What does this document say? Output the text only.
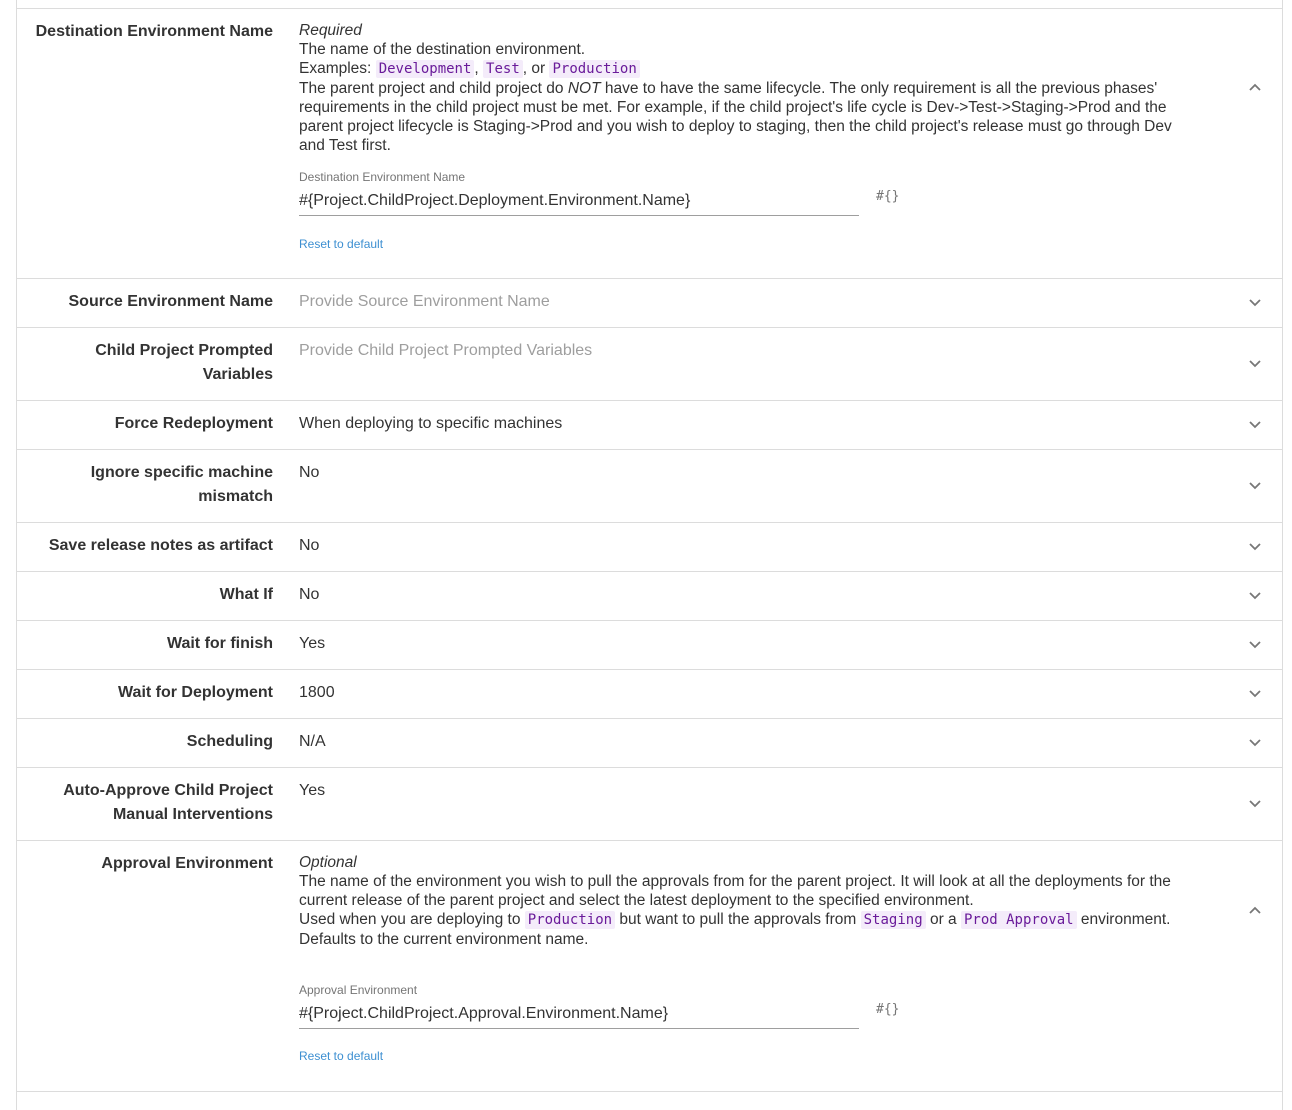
Destination Environment Name Required
The name of the destination environment.
Examples: Development , Test , or Production
The parent project and child project do NOT have to have the same lifecycle. The only requirement is all the previous phases' requirements in the child project must be met. For example, if the child project's life cycle is Dev->Test->Staging->Prod and the parent project lifecycle is Staging->Prod and you wish to deploy to staging, then the child project's release must go through Dev and Test first.
Destination Environment Name
#{Project.ChildProject.Deployment.Environment.Name}	#{}
Reset to default
Source Environment Name Provide Source Environment Name
Child Project Prompted
Variables
Provide Child Project Prompted Variables
Force Redeployment When deploying to specific machines
Ignore specific machine
mismatch
No
Save release notes as artifact No
What If No
Wait for finish Yes
Wait for Deployment 1800
Scheduling N/A
Auto-Approve Child Project
Manual Interventions
Yes
Approval Environment Optional
The name of the environment you wish to pull the approvals from for the parent project. It will look at all the deployments for the current release of the parent project and select the latest deployment to the specified environment.
Used when you are deploying to Production but want to pull the approvals from Staging or a Prod Approval environment.
Defaults to the current environment name.
Approval Environment
#{Project.ChildProject.Approval.Environment.Name}	#{}
Reset to default
